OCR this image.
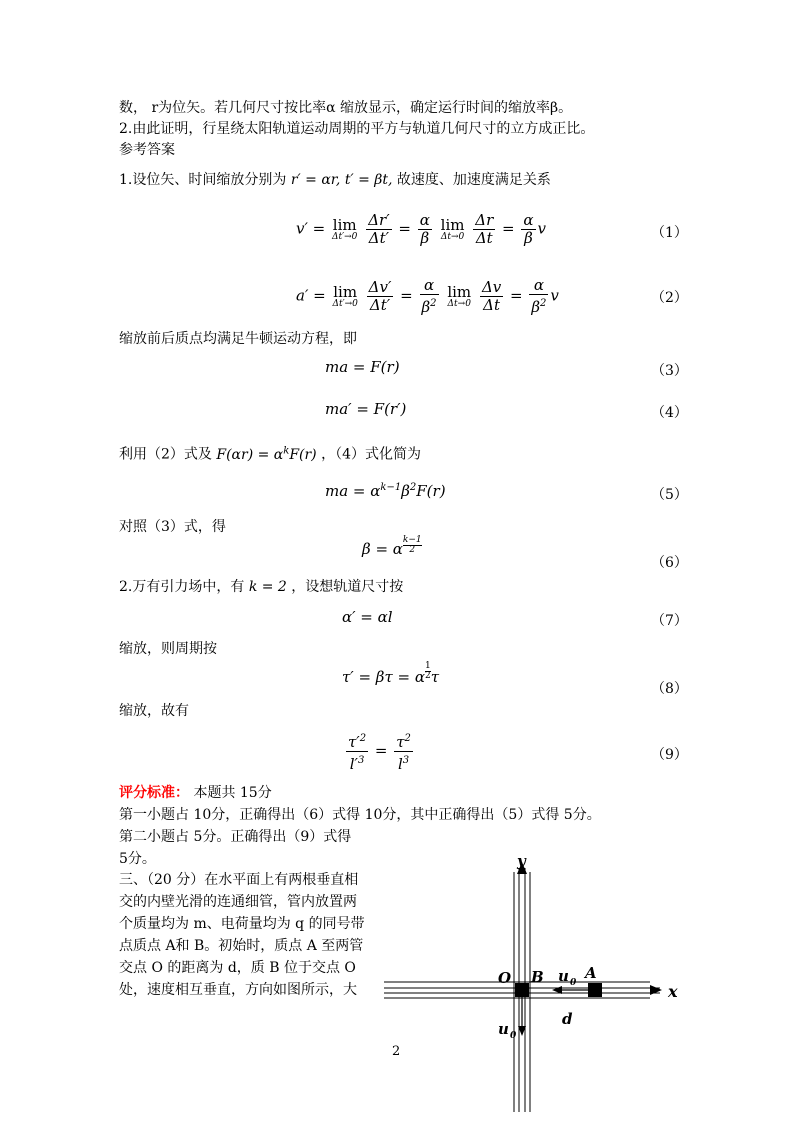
数， r为位矢。若几何尺寸按比率α 缩放显示，确定运行时间的缩放率β。
2.由此证明，行星绕太阳轨道运动周期的平方与轨道几何尺寸的立方成正比。
参考答案
1.设位矢、时间缩放分别为 r′ = αr, t′ = βt, 故速度、加速度满足关系
v′ = lim
Δt′→0
$\frac{\Delta r'}{\Delta t'} = \frac{\alpha}{\beta}$
lim
Δt→0
$\frac{\Delta r}{\Delta t} = \frac{\alpha}{\beta}$ v	（1）
a′ = lim
Δt′→0
$\frac{\Delta v'}{\Delta t'} = \frac{\alpha}{\beta^2}$
lim
Δt→0
$\frac{\Delta v}{\Delta t} = \frac{\alpha}{\beta^2}$ v	（2）
缩放前后质点均满足牛顿运动方程，即
ma = F(r)	（3）
ma′ = F(r′)	（4）
利用（2）式及 $F(\alpha r) = \alpha^kF(r)$ ，（4）式化简为
ma = $\alpha^{k-1}\beta^2F(r)$	（5）
对照（3）式，得
β = α $\frac{k-1}{2}$
（6）
2.万有引力场中，有 k = 2 ，设想轨道尺寸按
α′ = αl	（7）
缩放，则周期按
τ′ = βτ = α $\frac{1}{2}$ τ
（8）
缩放，故有
$\frac{\tau'^2}{l'^3} = \frac{\tau^2}{l^3}$	（9）
评分标准： 本题共 15分
第一小题占 10分，正确得出（6）式得 10分，其中正确得出（5）式得 5分。
第二小题占 5分。正确得出（9）式得
5分。
三、（20 分）在水平面上有两根垂直相
交的内壁光滑的连通细管，管内放置两
个质量均为 m、电荷量均为 q 的同号带
点质点 A和 B。初始时，质点 A 至两管
交点 O 的距离为 d，质 B 位于交点 O
处，速度相互垂直，方向如图所示，大
y
x
O B	A
u 0
u 0
d
2
